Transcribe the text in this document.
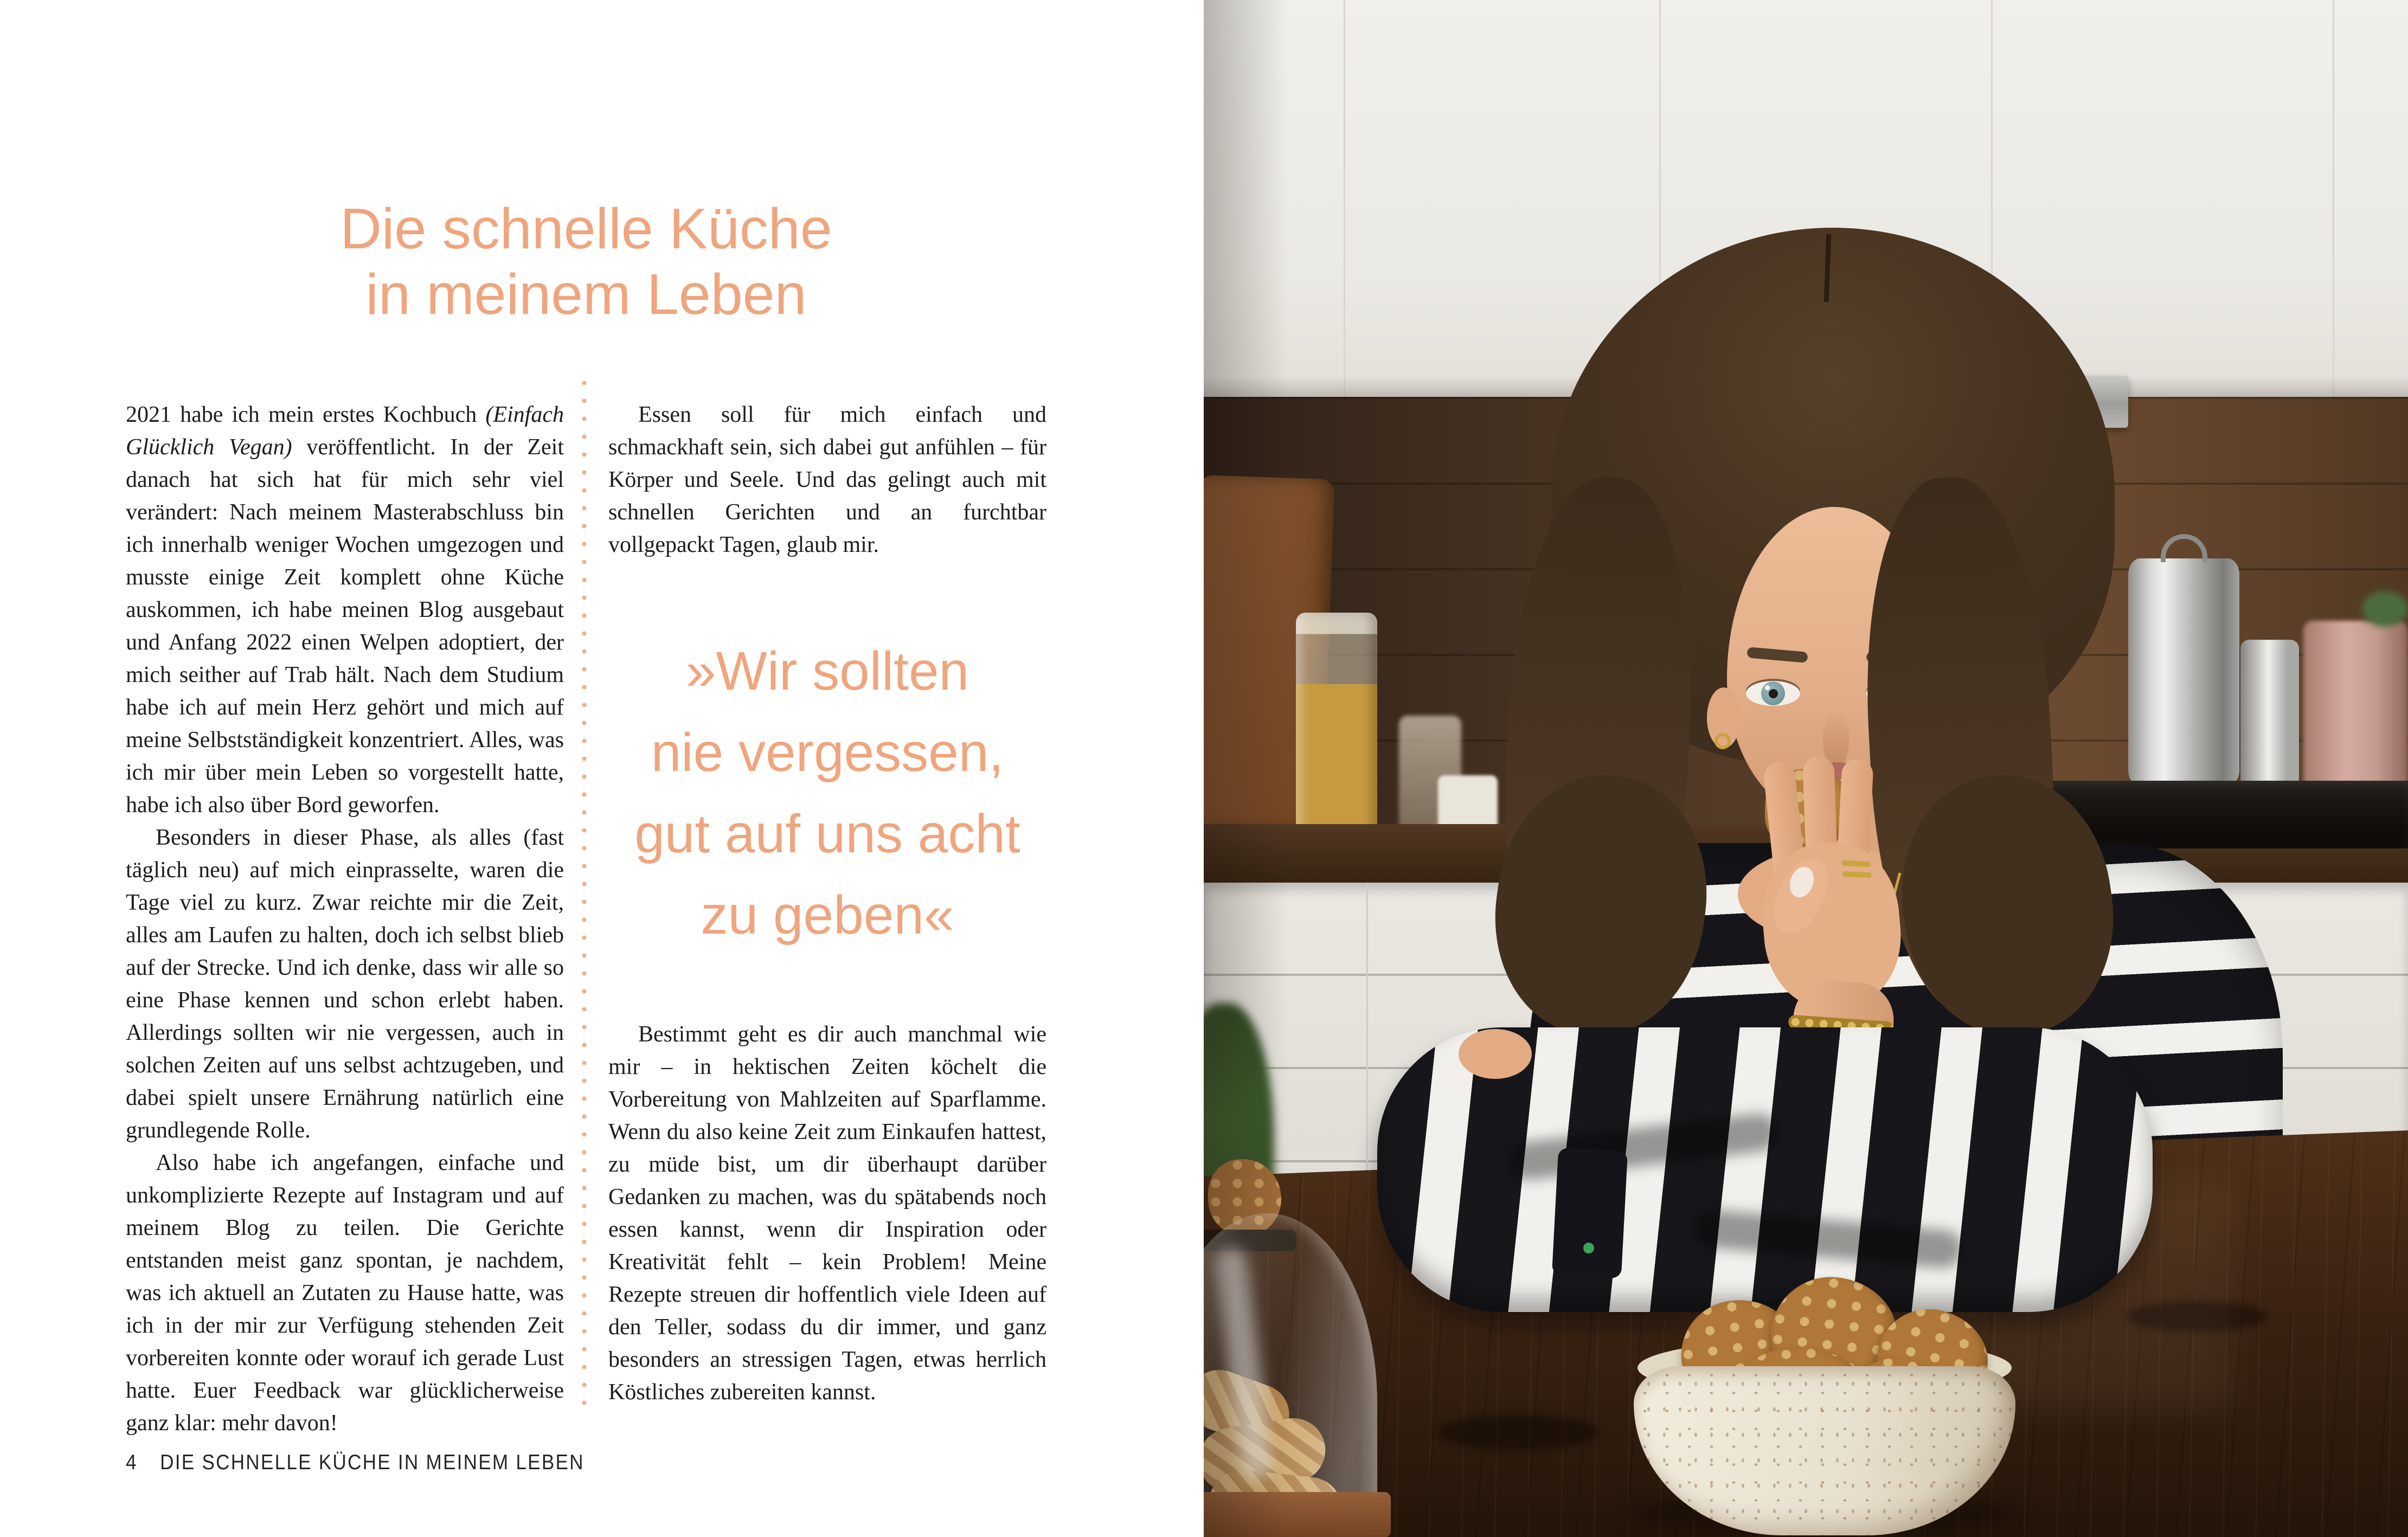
Die schnelle Küche
in meinem Leben

2021 habe ich mein erstes Kochbuch (Einfach Glücklich Vegan) veröffentlicht. In der Zeit danach hat sich hat für mich sehr viel verändert: Nach meinem Masterabschluss bin ich innerhalb weniger Wochen umgezogen und musste einige Zeit komplett ohne Küche auskommen, ich habe meinen Blog ausgebaut und Anfang 2022 einen Welpen adoptiert, der mich seither auf Trab hält. Nach dem Studium habe ich auf mein Herz gehört und mich auf meine Selbstständigkeit konzentriert. Alles, was ich mir über mein Leben so vorgestellt hatte, habe ich also über Bord geworfen.

Besonders in dieser Phase, als alles (fast täglich neu) auf mich einprasselte, waren die Tage viel zu kurz. Zwar reichte mir die Zeit, alles am Laufen zu halten, doch ich selbst blieb auf der Strecke. Und ich denke, dass wir alle so eine Phase kennen und schon erlebt haben. Allerdings sollten wir nie vergessen, auch in solchen Zeiten auf uns selbst achtzugeben, und dabei spielt unsere Ernährung natürlich eine grundlegende Rolle.

Also habe ich angefangen, einfache und unkomplizierte Rezepte auf Instagram und auf meinem Blog zu teilen. Die Gerichte entstanden meist ganz spontan, je nachdem, was ich aktuell an Zutaten zu Hause hatte, was ich in der mir zur Verfügung stehenden Zeit vorbereiten konnte oder worauf ich gerade Lust hatte. Euer Feedback war glücklicherweise ganz klar: mehr davon!

Essen soll für mich einfach und schmackhaft sein, sich dabei gut anfühlen – für Körper und Seele. Und das gelingt auch mit schnellen Gerichten und an furchtbar vollgepackt Tagen, glaub mir.

»Wir sollten
nie vergessen,
gut auf uns acht
zu geben«

Bestimmt geht es dir auch manchmal wie mir – in hektischen Zeiten köchelt die Vorbereitung von Mahlzeiten auf Sparflamme. Wenn du also keine Zeit zum Einkaufen hattest, zu müde bist, um dir überhaupt darüber Gedanken zu machen, was du spätabends noch essen kannst, wenn dir Inspiration oder Kreativität fehlt – kein Problem! Meine Rezepte streuen dir hoffentlich viele Ideen auf den Teller, sodass du dir immer, und ganz besonders an stressigen Tagen, etwas herrlich Köstliches zubereiten kannst.

4 DIE SCHNELLE KÜCHE IN MEINEM LEBEN
